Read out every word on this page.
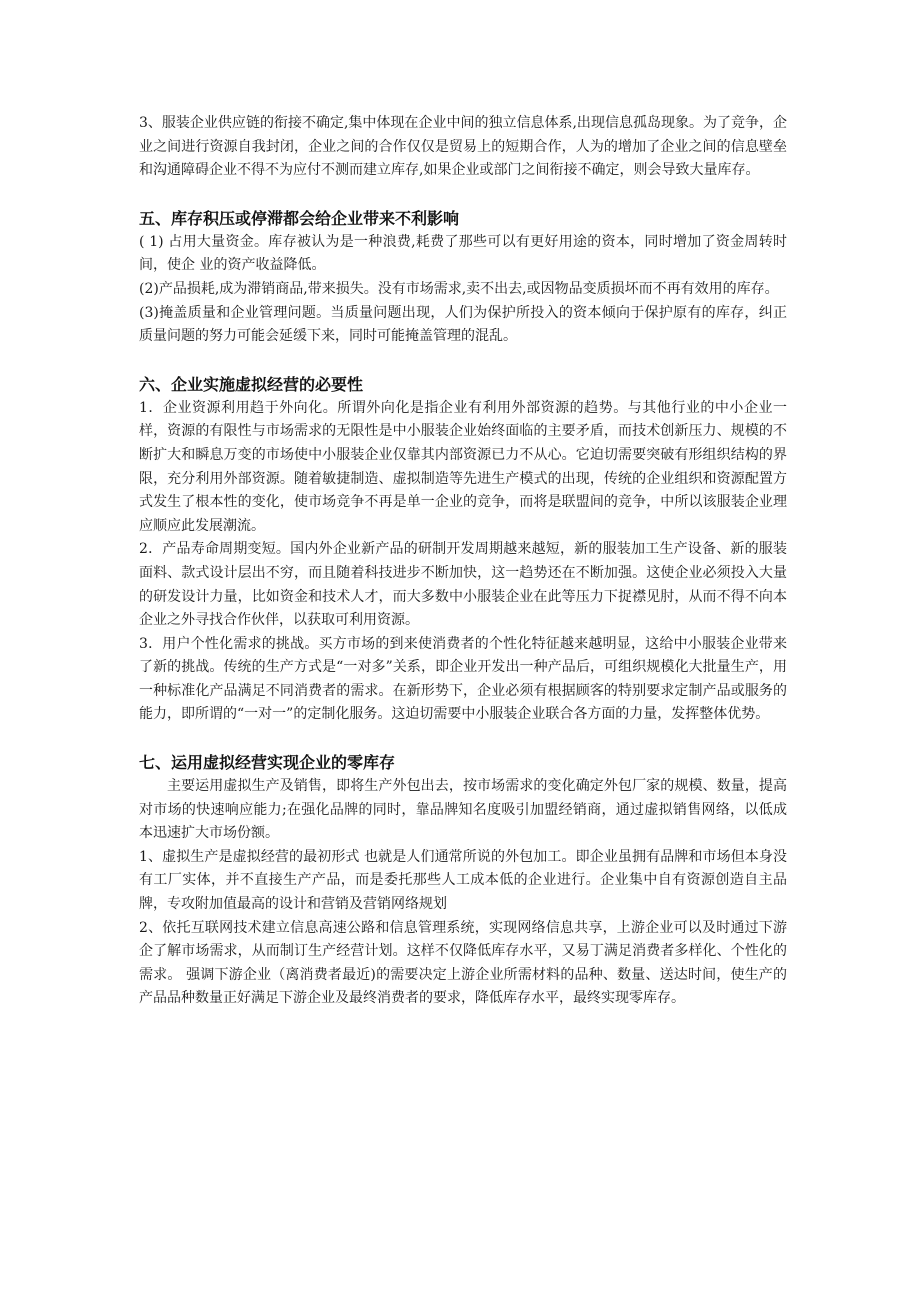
3、服装企业供应链的衔接不确定,集中体现在企业中间的独立信息体系,出现信息孤岛现象。为了竞争，企业之间进行资源自我封闭，企业之间的合作仅仅是贸易上的短期合作，人为的增加了企业之间的信息壁垒和沟通障碍企业不得不为应付不测而建立库存,如果企业或部门之间衔接不确定，则会导致大量库存。

五、库存积压或停滞都会给企业带来不利影响

( 1) 占用大量资金。库存被认为是一种浪费,耗费了那些可以有更好用途的资本，同时增加了资金周转时间，使企 业的资产收益降低。

(2)产品损耗,成为滞销商品,带来损失。没有市场需求,卖不出去,或因物品变质损坏而不再有效用的库存。

(3)掩盖质量和企业管理问题。当质量问题出现，人们为保护所投入的资本倾向于保护原有的库存，纠正质量问题的努力可能会延缓下来，同时可能掩盖管理的混乱。

六、企业实施虚拟经营的必要性

1．企业资源利用趋于外向化。所谓外向化是指企业有利用外部资源的趋势。与其他行业的中小企业一样，资源的有限性与市场需求的无限性是中小服装企业始终面临的主要矛盾，而技术创新压力、规模的不断扩大和瞬息万变的市场使中小服装企业仅靠其内部资源已力不从心。它迫切需要突破有形组织结构的界限，充分利用外部资源。随着敏捷制造、虚拟制造等先进生产模式的出现，传统的企业组织和资源配置方式发生了根本性的变化，使市场竞争不再是单一企业的竞争，而将是联盟间的竞争，中所以该服装企业理应顺应此发展潮流。

2．产品寿命周期变短。国内外企业新产品的研制开发周期越来越短，新的服装加工生产设备、新的服装面料、款式设计层出不穷，而且随着科技进步不断加快，这一趋势还在不断加强。这使企业必须投入大量的研发设计力量，比如资金和技术人才，而大多数中小服装企业在此等压力下捉襟见肘，从而不得不向本企业之外寻找合作伙伴，以获取可利用资源。

3．用户个性化需求的挑战。买方市场的到来使消费者的个性化特征越来越明显，这给中小服装企业带来了新的挑战。传统的生产方式是“一对多”关系，即企业开发出一种产品后，可组织规模化大批量生产，用一种标准化产品满足不同消费者的需求。在新形势下，企业必须有根据顾客的特别要求定制产品或服务的能力，即所谓的“一对一”的定制化服务。这迫切需要中小服装企业联合各方面的力量，发挥整体优势。

七、运用虚拟经营实现企业的零库存

主要运用虚拟生产及销售，即将生产外包出去，按市场需求的变化确定外包厂家的规模、数量，提高对市场的快速响应能力;在强化品牌的同时，靠品牌知名度吸引加盟经销商，通过虚拟销售网络，以低成本迅速扩大市场份额。

1、虚拟生产是虚拟经营的最初形式 也就是人们通常所说的外包加工。即企业虽拥有品牌和市场但本身没有工厂实体，并不直接生产产品，而是委托那些人工成本低的企业进行。企业集中自有资源创造自主品牌，专攻附加值最高的设计和营销及营销网络规划

2、依托互联网技术建立信息高速公路和信息管理系统，实现网络信息共享，上游企业可以及时通过下游企了解市场需求，从而制订生产经营计划。这样不仅降低库存水平，又易丁满足消费者多样化、个性化的需求。 强调下游企业（离消费者最近)的需要决定上游企业所需材料的品种、数量、送达时间，使生产的产品品种数量正好满足下游企业及最终消费者的要求，降低库存水平，最终实现零库存。
